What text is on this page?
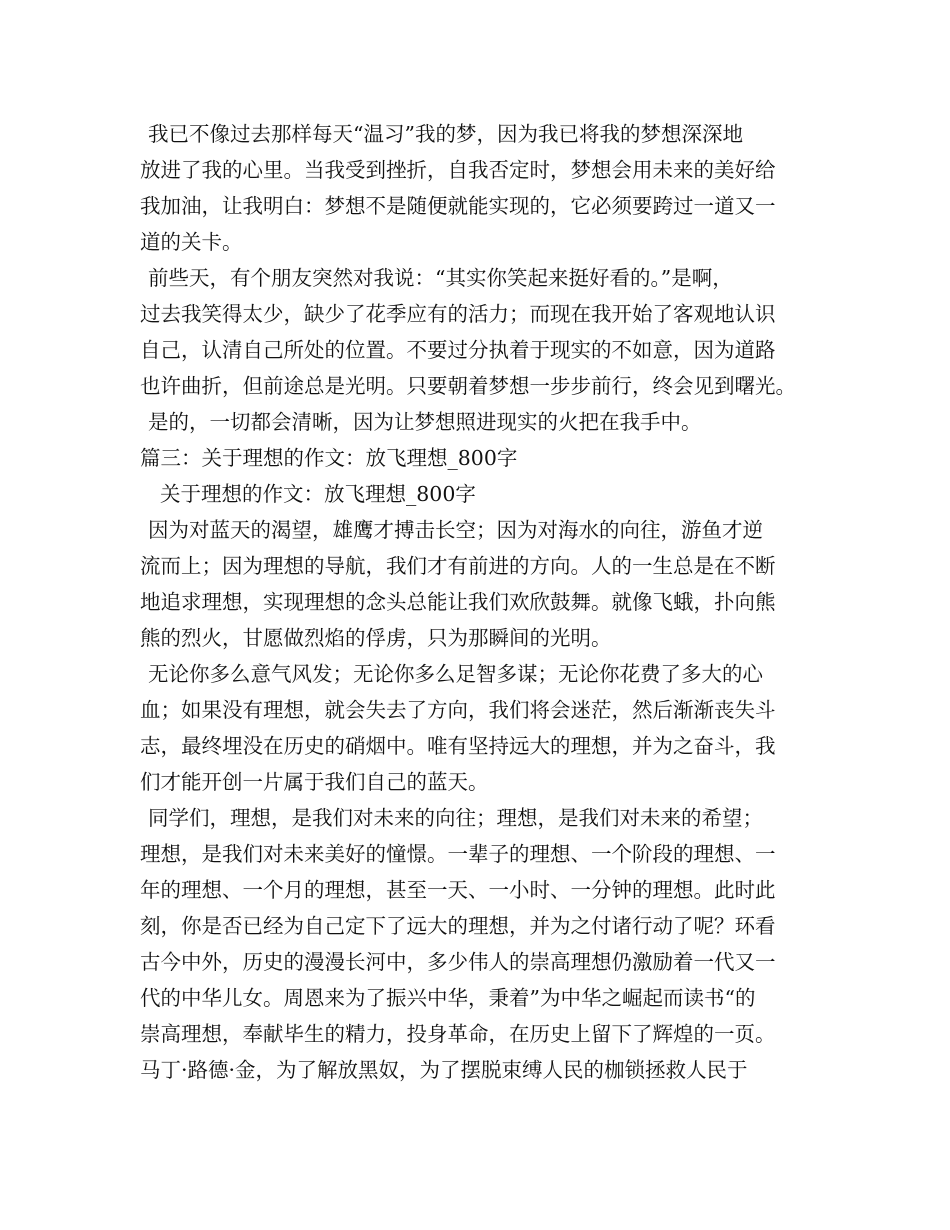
我已不像过去那样每天“温习”我的梦，因为我已将我的梦想深深地
放进了我的心里。当我受到挫折，自我否定时，梦想会用未来的美好给
我加油，让我明白：梦想不是随便就能实现的，它必须要跨过一道又一
道的关卡。
前些天，有个朋友突然对我说：“其实你笑起来挺好看的。”是啊，
过去我笑得太少，缺少了花季应有的活力；而现在我开始了客观地认识
自己，认清自己所处的位置。不要过分执着于现实的不如意，因为道路
也许曲折，但前途总是光明。只要朝着梦想一步步前行，终会见到曙光。
是的，一切都会清晰，因为让梦想照进现实的火把在我手中。
篇三：关于理想的作文：放飞理想_800字
关于理想的作文：放飞理想_800字
因为对蓝天的渴望，雄鹰才搏击长空；因为对海水的向往，游鱼才逆
流而上；因为理想的导航，我们才有前进的方向。人的一生总是在不断
地追求理想，实现理想的念头总能让我们欢欣鼓舞。就像飞蛾，扑向熊
熊的烈火，甘愿做烈焰的俘虏，只为那瞬间的光明。
无论你多么意气风发；无论你多么足智多谋；无论你花费了多大的心
血；如果没有理想，就会失去了方向，我们将会迷茫，然后渐渐丧失斗
志，最终埋没在历史的硝烟中。唯有坚持远大的理想，并为之奋斗，我
们才能开创一片属于我们自己的蓝天。
同学们，理想，是我们对未来的向往；理想，是我们对未来的希望；
理想，是我们对未来美好的憧憬。一辈子的理想、一个阶段的理想、一
年的理想、一个月的理想，甚至一天、一小时、一分钟的理想。此时此
刻，你是否已经为自己定下了远大的理想，并为之付诸行动了呢？环看
古今中外，历史的漫漫长河中，多少伟人的崇高理想仍激励着一代又一
代的中华儿女。周恩来为了振兴中华，秉着”为中华之崛起而读书“的
崇高理想，奉献毕生的精力，投身革命，在历史上留下了辉煌的一页。
马丁·路德·金，为了解放黑奴，为了摆脱束缚人民的枷锁拯救人民于
